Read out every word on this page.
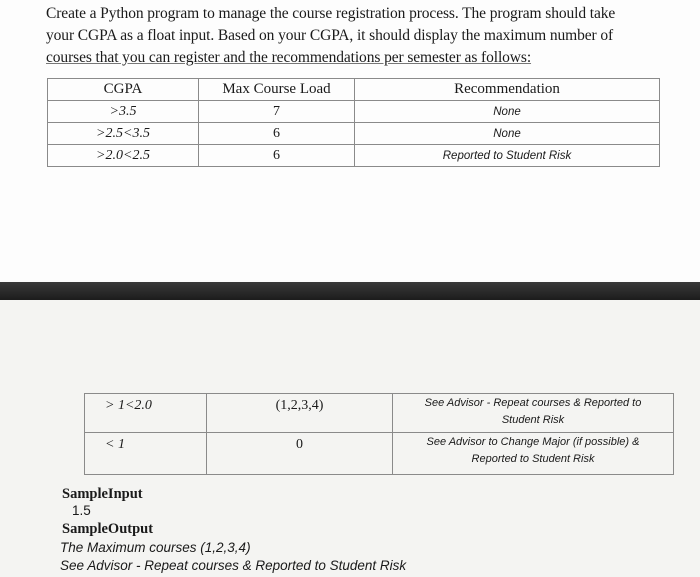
Create a Python program to manage the course registration process. The program should take
your CGPA as a float input. Based on your CGPA, it should display the maximum number of
courses that you can register and the recommendations per semester as follows:
CGPA	Max Course Load	Recommendation
>3.5	7	None
>2.5<3.5	6	None
>2.0<2.5	6	Reported to Student Risk
> 1<2.0	(1,2,3,4)	See Advisor - Repeat courses & Reported to
Student Risk

< 1	0	See Advisor to Change Major (if possible) &
Reported to Student Risk
SampleInput
1.5
SampleOutput
The Maximum courses (1,2,3,4)
See Advisor - Repeat courses & Reported to Student Risk
